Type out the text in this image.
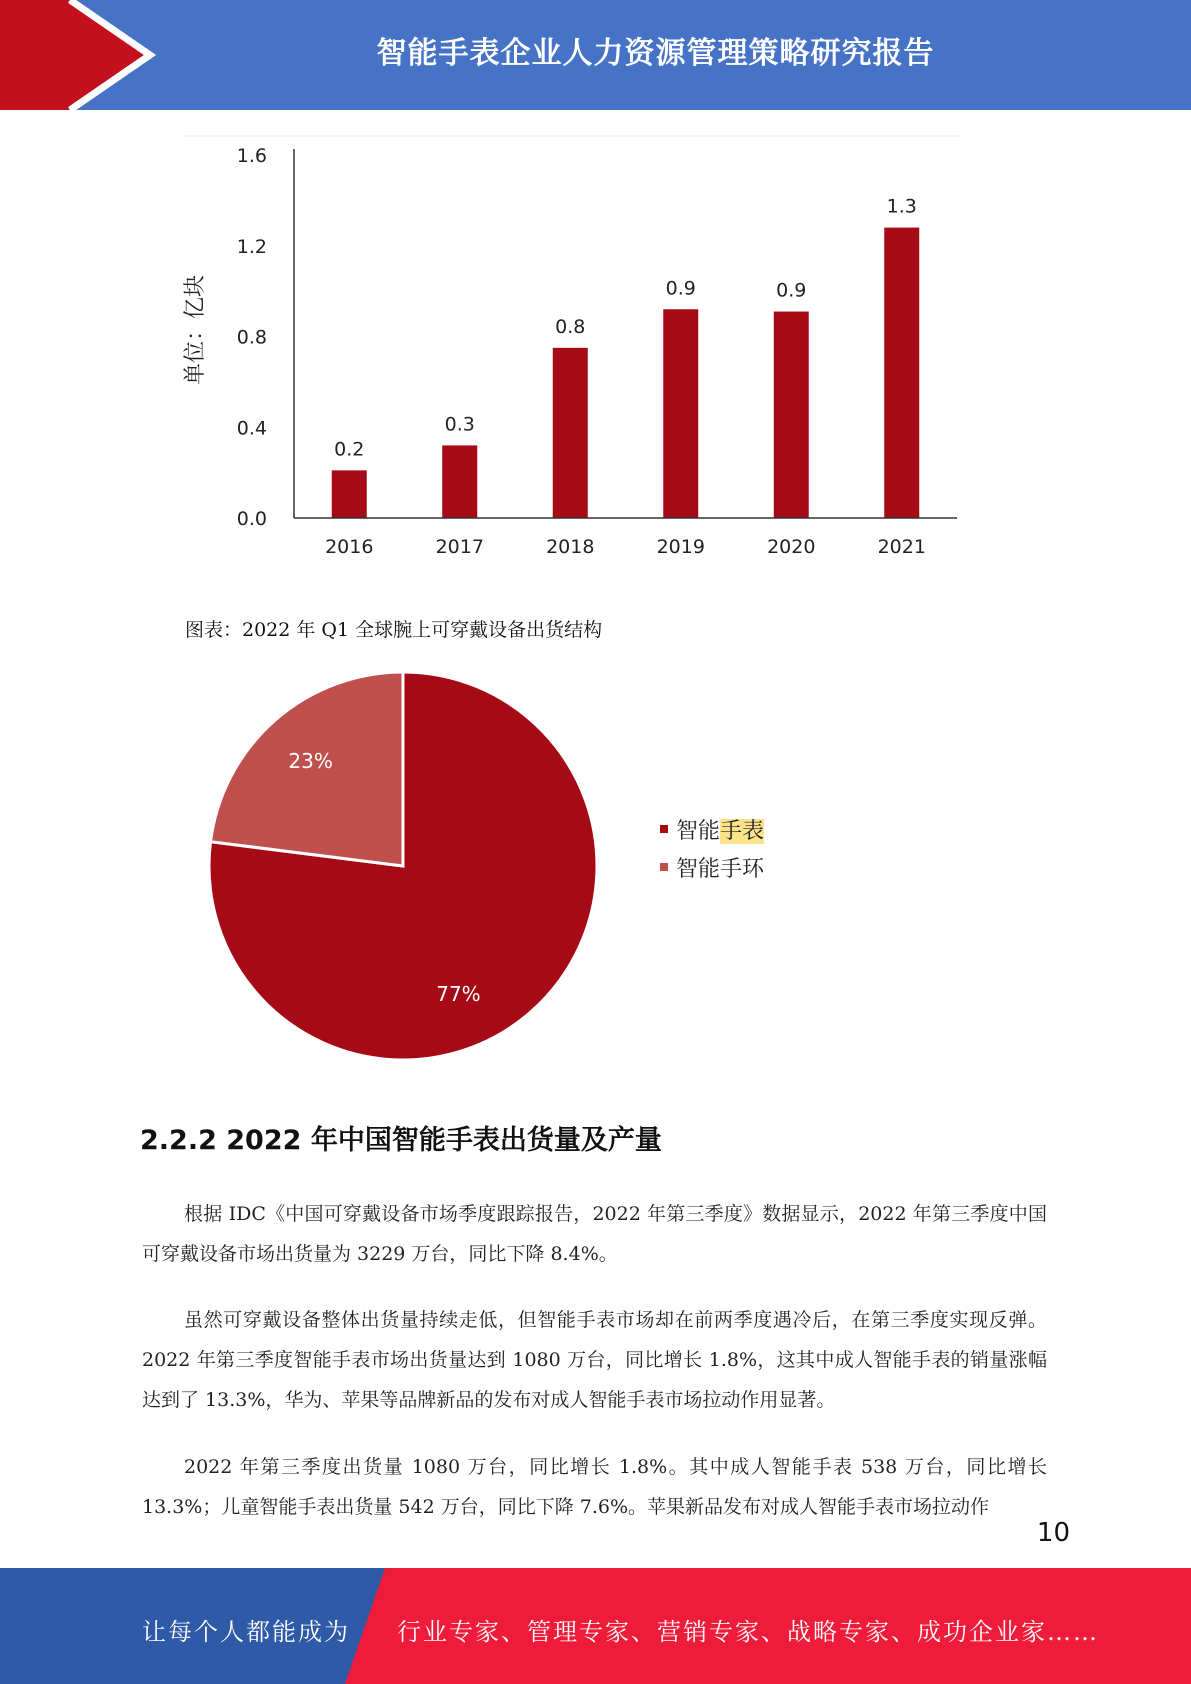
智能手表企业人力资源管理策略研究报告
单位：亿块
0.0
0.4
0.8
1.2
1.6
0.2
0.3
0.8
0.9	0.9
1.3
2016	2017	2018	2019	2020	2021
图表：2022 年 Q1 全球腕上可穿戴设备出货结构
77%
23%
智能手表
智能手环
2.2.2 2022 年中国智能手表出货量及产量

根据 IDC《中国可穿戴设备市场季度跟踪报告，2022 年第三季度》数据显示，2022 年第三季度中国可穿戴设备市场出货量为 3229 万台，同比下降 8.4%。

虽然可穿戴设备整体出货量持续走低，但智能手表市场却在前两季度遇冷后，在第三季度实现反弹。2022 年第三季度智能手表市场出货量达到 1080 万台，同比增长 1.8%，这其中成人智能手表的销量涨幅达到了 13.3%，华为、苹果等品牌新品的发布对成人智能手表市场拉动作用显著。

2022 年第三季度出货量 1080 万台，同比增长 1.8%。其中成人智能手表 538 万台，同比增长 13.3%；儿童智能手表出货量 542 万台，同比下降 7.6%。苹果新品发布对成人智能手表市场拉动作

10
让每个人都能成为 行业专家、管理专家、营销专家、战略专家、成功企业家……
